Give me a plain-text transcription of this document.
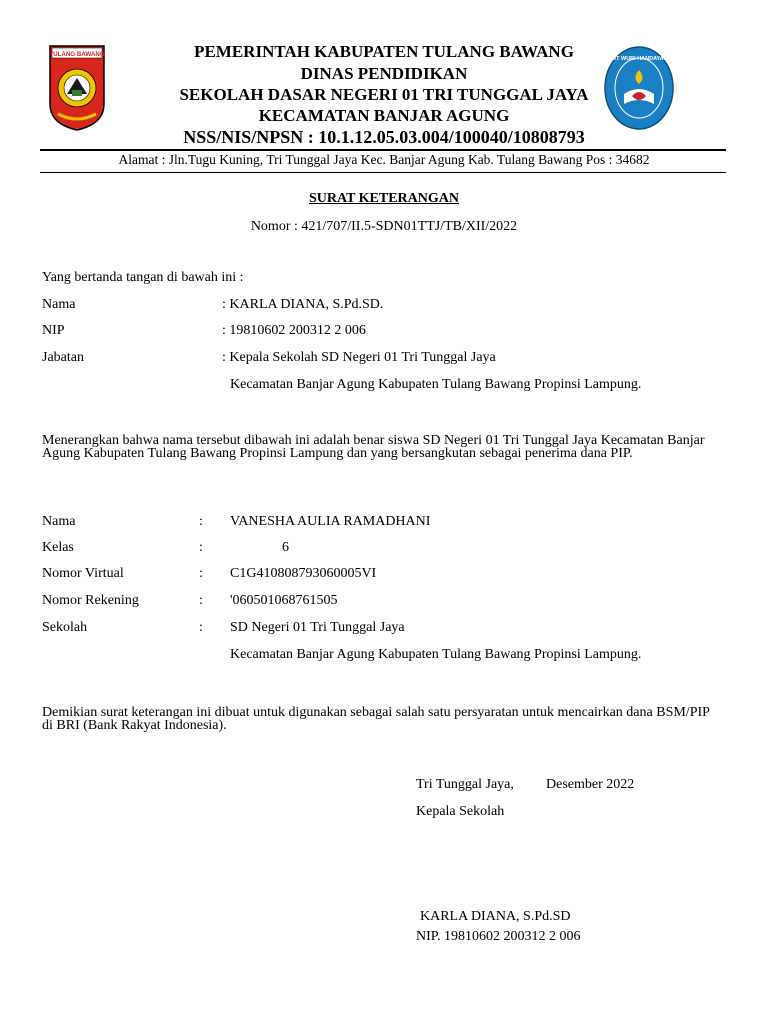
TULANG BAWANG
TUT WURI HANDAYANI
PEMERINTAH KABUPATEN TULANG BAWANG
DINAS PENDIDIKAN
SEKOLAH DASAR NEGERI 01 TRI TUNGGAL JAYA
KECAMATAN BANJAR AGUNG
NSS/NIS/NPSN : 10.1.12.05.03.004/100040/10808793
Alamat : Jln.Tugu Kuning, Tri Tunggal Jaya Kec. Banjar Agung Kab. Tulang Bawang Pos : 34682
SURAT KETERANGAN
Nomor : 421/707/II.5-SDN01TTJ/TB/XII/2022
Yang bertanda tangan di bawah ini :
Nama	: KARLA DIANA, S.Pd.SD.
NIP	: 19810602 200312 2 006
Jabatan	: Kepala Sekolah SD Negeri 01 Tri Tunggal Jaya
Kecamatan Banjar Agung Kabupaten Tulang Bawang Propinsi Lampung.
Menerangkan bahwa nama tersebut dibawah ini adalah benar siswa SD Negeri 01 Tri Tunggal Jaya Kecamatan Banjar Agung Kabupaten Tulang Bawang Propinsi Lampung dan yang bersangkutan sebagai penerima dana PIP.
Nama	: VANESHA AULIA RAMADHANI
Kelas	:	6
Nomor Virtual	: C1G410808793060005VI
Nomor Rekening	: '060501068761505
Sekolah	: SD Negeri 01 Tri Tunggal Jaya
Kecamatan Banjar Agung Kabupaten Tulang Bawang Propinsi Lampung.
Demikian surat keterangan ini dibuat untuk digunakan sebagai salah satu persyaratan untuk mencairkan dana BSM/PIP di BRI (Bank Rakyat Indonesia).
Tri Tunggal Jaya, Desember 2022
Kepala Sekolah
KARLA DIANA, S.Pd.SD
NIP. 19810602 200312 2 006
